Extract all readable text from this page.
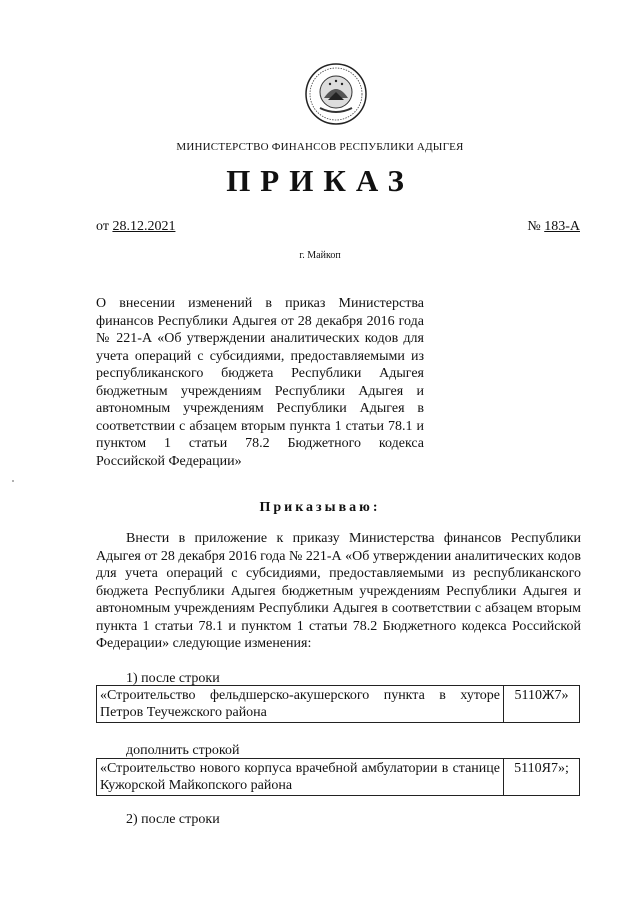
МИНИСТЕРСТВО ФИНАНСОВ РЕСПУБЛИКИ АДЫГЕЯ
ПРИКАЗ
от 28.12.2021	№ 183-А
г. Майкоп
О внесении изменений в приказ Министерства финансов Республики Адыгея от 28 декабря 2016 года № 221-А «Об утверждении аналитических кодов для учета операций с субсидиями, предоставляемыми из республиканского бюджета Республики Адыгея бюджетным учреждениям Республики Адыгея и автономным учреждениям Республики Адыгея в соответствии с абзацем вторым пункта 1 статьи 78.1 и пунктом 1 статьи 78.2 Бюджетного кодекса Российской Федерации»
Приказываю:
Внести в приложение к приказу Министерства финансов Республики Адыгея от 28 декабря 2016 года № 221-А «Об утверждении аналитических кодов для учета операций с субсидиями, предоставляемыми из республиканского бюджета Республики Адыгея бюджетным учреждениям Республики Адыгея и автономным учреждениям Республики Адыгея в соответствии с абзацем вторым пункта 1 статьи 78.1 и пунктом 1 статьи 78.2 Бюджетного кодекса Российской Федерации» следующие изменения:
1) после строки
«Строительство фельдшерско-акушерского пункта в хуторе Петров Теучежского района	5110Ж7»
дополнить строкой
«Строительство нового корпуса врачебной амбулатории в станице Кужорской Майкопского района	5110Я7»;
2) после строки
